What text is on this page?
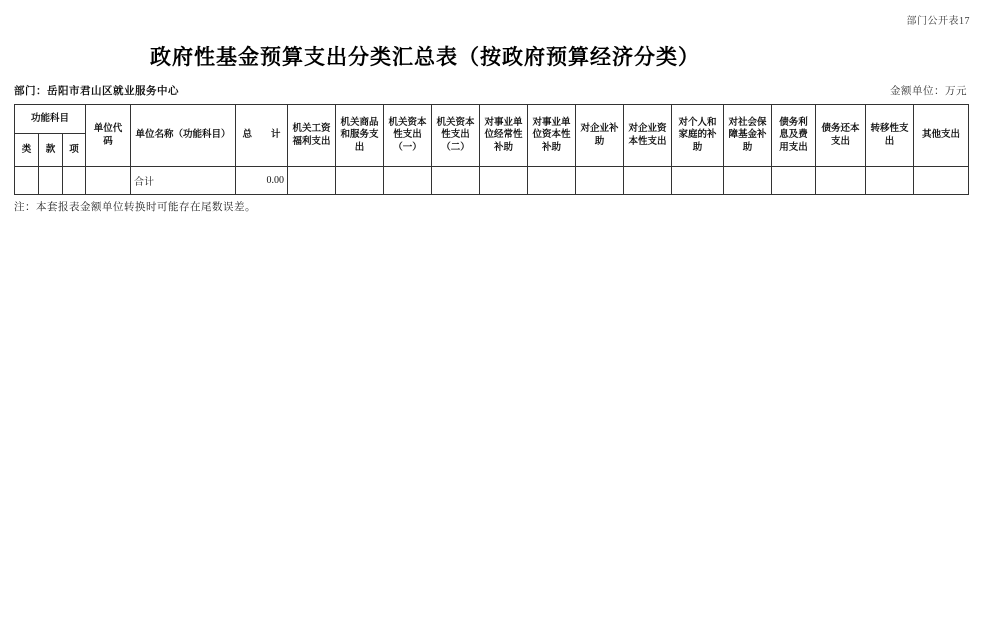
部门公开表17
政府性基金预算支出分类汇总表（按政府预算经济分类）
部门：岳阳市君山区就业服务中心	金额单位：万元
功能科目			单位代码	单位名称（功能科目）	总　　计	机关工资福利支出	机关商品和服务支出	机关资本性支出（一）	机关资本性支出（二）	对事业单位经常性补助	对事业单位资本性补助	对企业补助	对企业资本性支出	对个人和家庭的补助	对社会保障基金补助	债务利息及费用支出	债务还本支出	转移性支出	其他支出
类	款	项																	
				合计	0.00														
注：本套报表金额单位转换时可能存在尾数误差。
